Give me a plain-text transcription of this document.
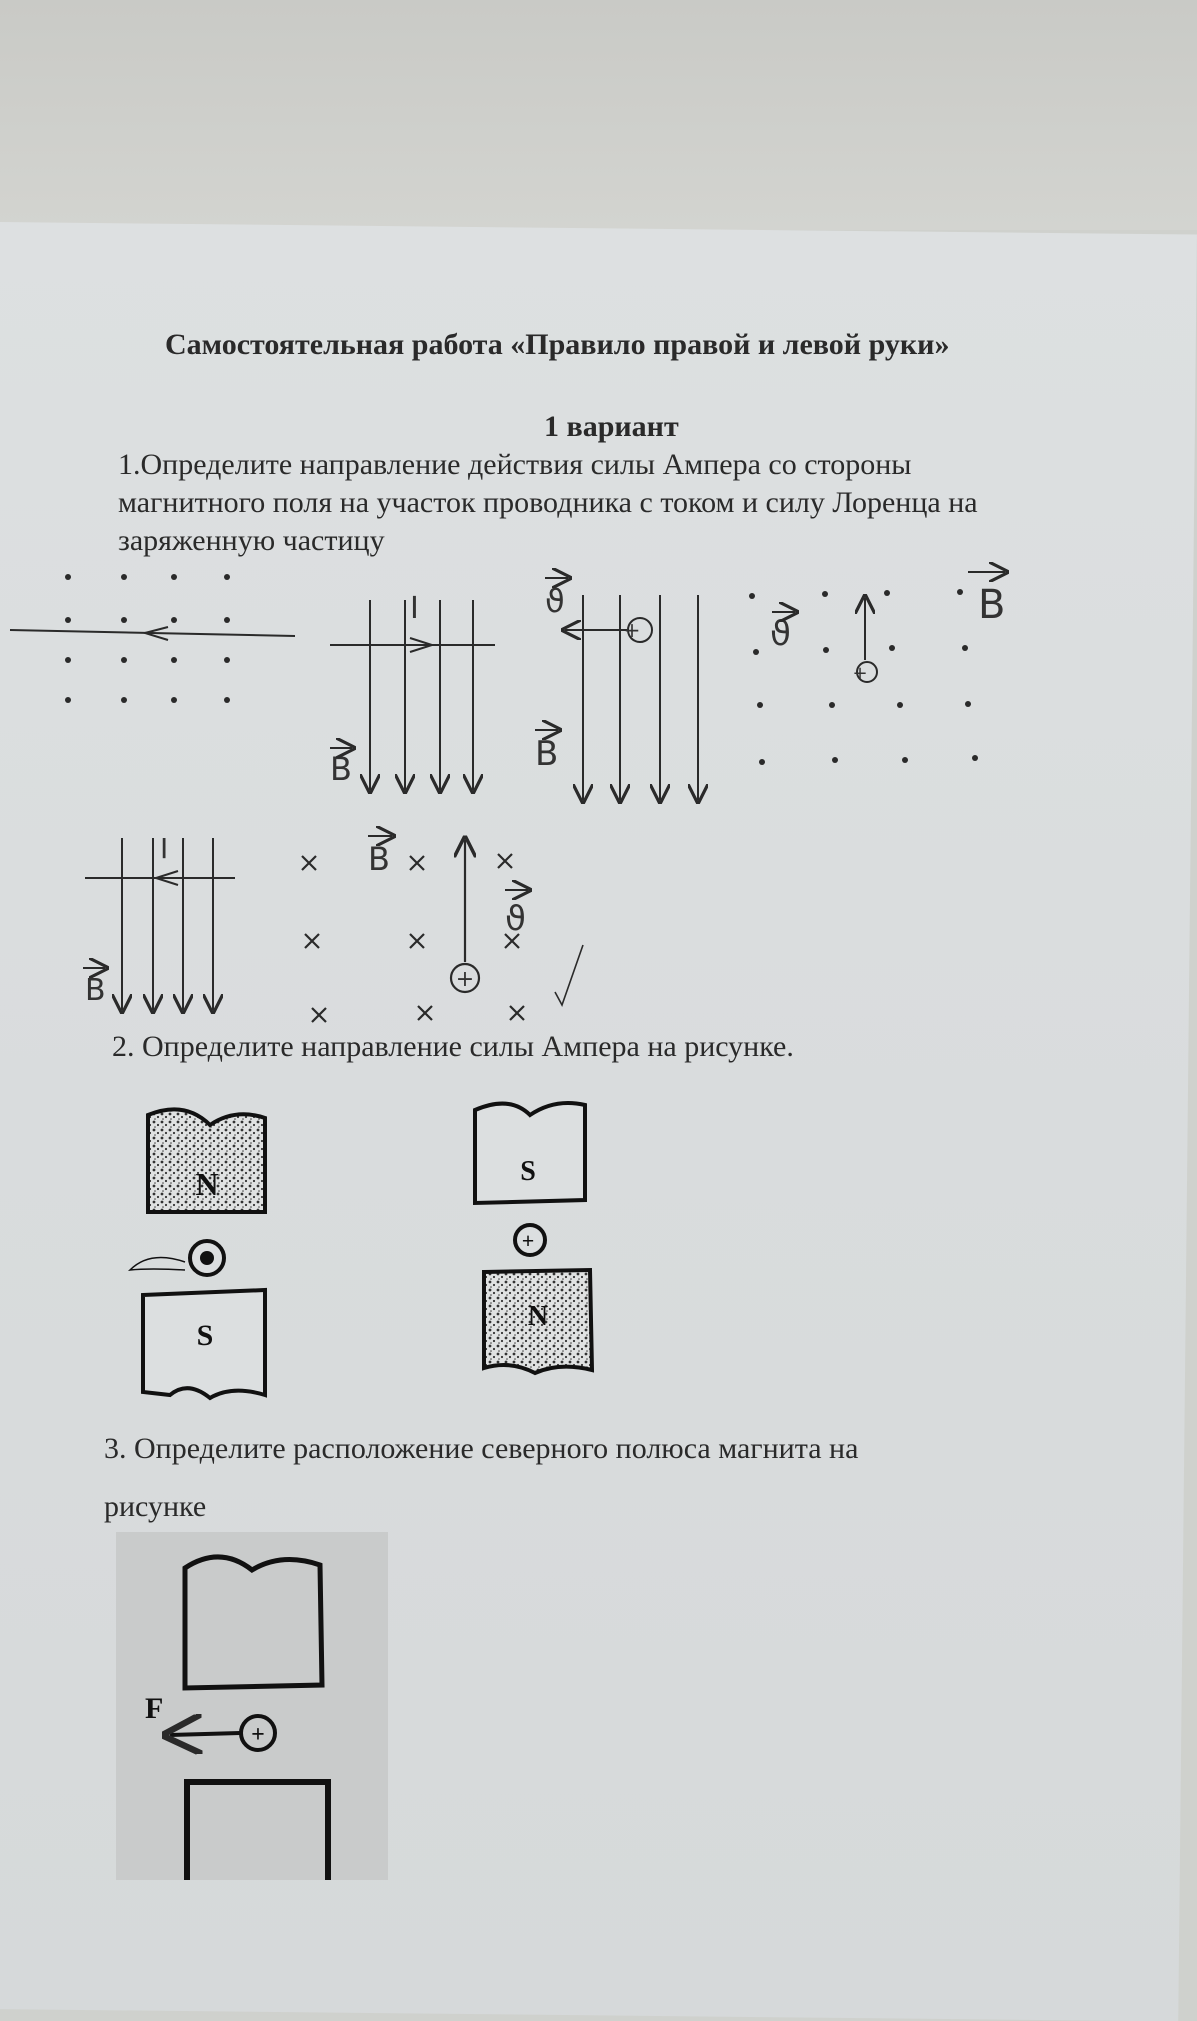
Самостоятельная работа «Правило правой и левой руки»
1 вариант
1.Определите направление действия силы Ампера со стороны
магнитного поля на участок проводника с током и силу Лоренца на
заряженную частицу
2. Определите направление силы Ампера на рисунке.
3. Определите расположение северного полюса магнита на
рисунке
I
B
+
ϑ
B
+
ϑ
B
I
B	+
B
ϑ
N
S
+
S
N
+
F
